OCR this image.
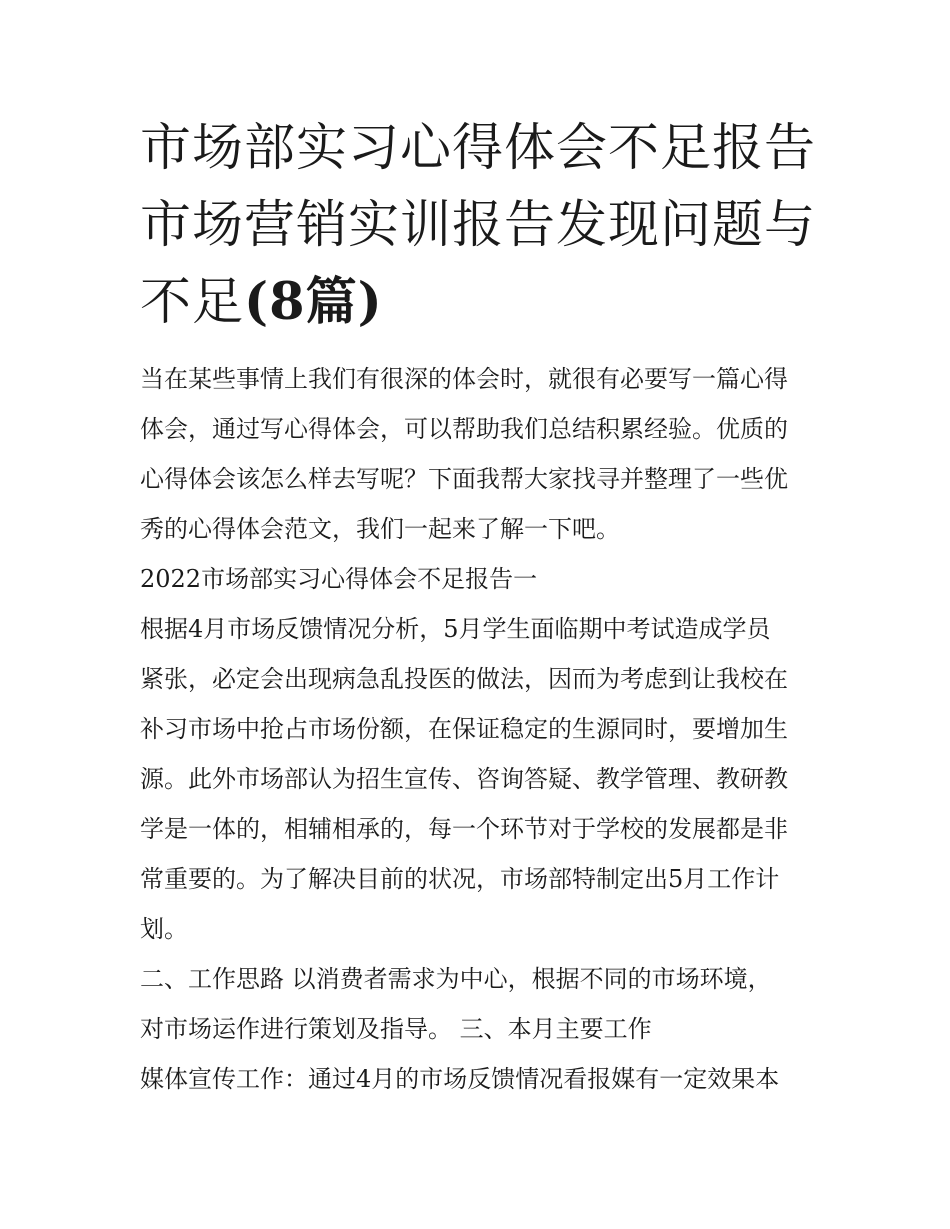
市场部实习心得体会不足报告
市场营销实训报告发现问题与
不足(8篇)

当在某些事情上我们有很深的体会时，就很有必要写一篇心得
体会，通过写心得体会，可以帮助我们总结积累经验。优质的
心得体会该怎么样去写呢？下面我帮大家找寻并整理了一些优
秀的心得体会范文，我们一起来了解一下吧。

2022市场部实习心得体会不足报告一

根据4月市场反馈情况分析，5月学生面临期中考试造成学员
紧张，必定会出现病急乱投医的做法，因而为考虑到让我校在
补习市场中抢占市场份额，在保证稳定的生源同时，要增加生
源。此外市场部认为招生宣传、咨询答疑、教学管理、教研教
学是一体的，相辅相承的，每一个环节对于学校的发展都是非
常重要的。为了解决目前的状况，市场部特制定出5月工作计
划。

二、工作思路 以消费者需求为中心，根据不同的市场环境，
对市场运作进行策划及指导。 三、本月主要工作

媒体宣传工作：通过4月的市场反馈情况看报媒有一定效果本
